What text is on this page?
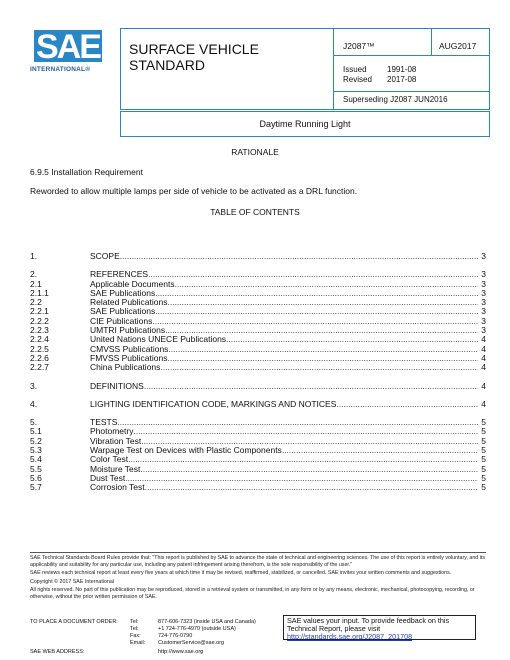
SAE
INTERNATIONAL®
SURFACE VEHICLE
STANDARD
J2087™	AUG2017
Issued	1991-08
Revised 2017-08
Superseding J2087 JUN2016
Daytime Running Light
RATIONALE
6.9.5 Installation Requirement
Reworded to allow multiple lamps per side of vehicle to be activated as a DRL function.
TABLE OF CONTENTS
1.	SCOPE .....	3
2.	REFERENCES .....	3
2.1	Applicable Documents .....	3
2.1.1	SAE Publications .....	3
2.2	Related Publications .....	3
2.2.1	SAE Publications .....	3
2.2.2	CIE Publications .....	3
2.2.3	UMTRI Publications .....	3
2.2.4	United Nations UNECE Publications .....	4
2.2.5	CMVSS Publications .....	4
2.2.6	FMVSS Publications .....	4
2.2.7	China Publications .....	4
3.	DEFINITIONS .....	4
4.	LIGHTING IDENTIFICATION CODE, MARKINGS AND NOTICES .....	4
5.	TESTS .....	5
5.1	Photometry .....	5
5.2	Vibration Test .....	5
5.3	Warpage Test on Devices with Plastic Components .....	5
5.4	Color Test .....	5
5.5	Moisture Test .....	5
5.6	Dust Test .....	5
5.7	Corrosion Test .....	5
SAE Technical Standards Board Rules provide that: "This report is published by SAE to advance the state of technical and engineering sciences. The use of this report is entirely voluntary, and its applicability and suitability for any particular use, including any patent infringement arising therefrom, is the sole responsibility of the user."
SAE reviews each technical report at least every five years at which time it may be revised, reaffirmed, stabilized, or cancelled. SAE invites your written comments and suggestions.
Copyright © 2017 SAE International
All rights reserved. No part of this publication may be reproduced, stored in a retrieval system or transmitted, in any form or by any means, electronic, mechanical, photocopying, recording, or otherwise, without the prior written permission of SAE.
TO PLACE A DOCUMENT ORDER:	Tel:	877-606-7323 (inside USA and Canada)
Tel:	+1 724-776-4970 (outside USA)
Fax:	724-776-0790
Email:	CustomerService@sae.org
SAE WEB ADDRESS:	http://www.sae.org
SAE values your input. To provide feedback on this Technical Report, please visit
http://standards.sae.org/J2087_201708
